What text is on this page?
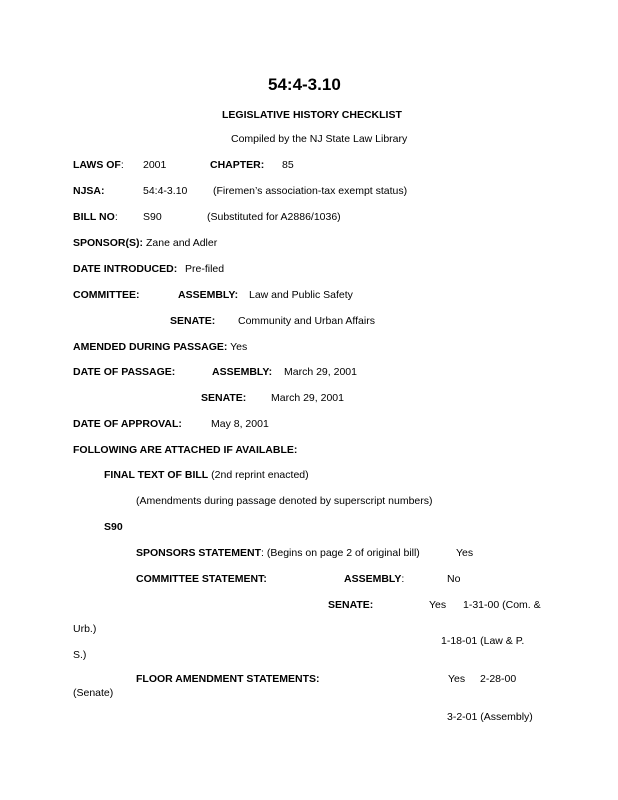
54:4-3.10
LEGISLATIVE HISTORY CHECKLIST
Compiled by the NJ State Law Library
LAWS OF: 2001	CHAPTER: 85
NJSA:	54:4-3.10 (Firemen’s association-tax exempt status)
BILL NO: S90	(Substituted for A2886/1036)
SPONSOR(S): Zane and Adler
DATE INTRODUCED: Pre-filed
COMMITTEE:	ASSEMBLY: Law and Public Safety
SENATE: Community and Urban Affairs
AMENDED DURING PASSAGE: Yes
DATE OF PASSAGE:	ASSEMBLY: March 29, 2001
SENATE: March 29, 2001
DATE OF APPROVAL:	May 8, 2001
FOLLOWING ARE ATTACHED IF AVAILABLE:
FINAL TEXT OF BILL (2nd reprint enacted)
(Amendments during passage denoted by superscript numbers)
S90
SPONSORS STATEMENT: (Begins on page 2 of original bill)	Yes
COMMITTEE STATEMENT:	ASSEMBLY:	No
SENATE:	Yes 1-31-00 (Com. &
Urb.)
1-18-01 (Law & P.
S.)
FLOOR AMENDMENT STATEMENTS:	Yes 2-28-00
(Senate)
3-2-01 (Assembly)
